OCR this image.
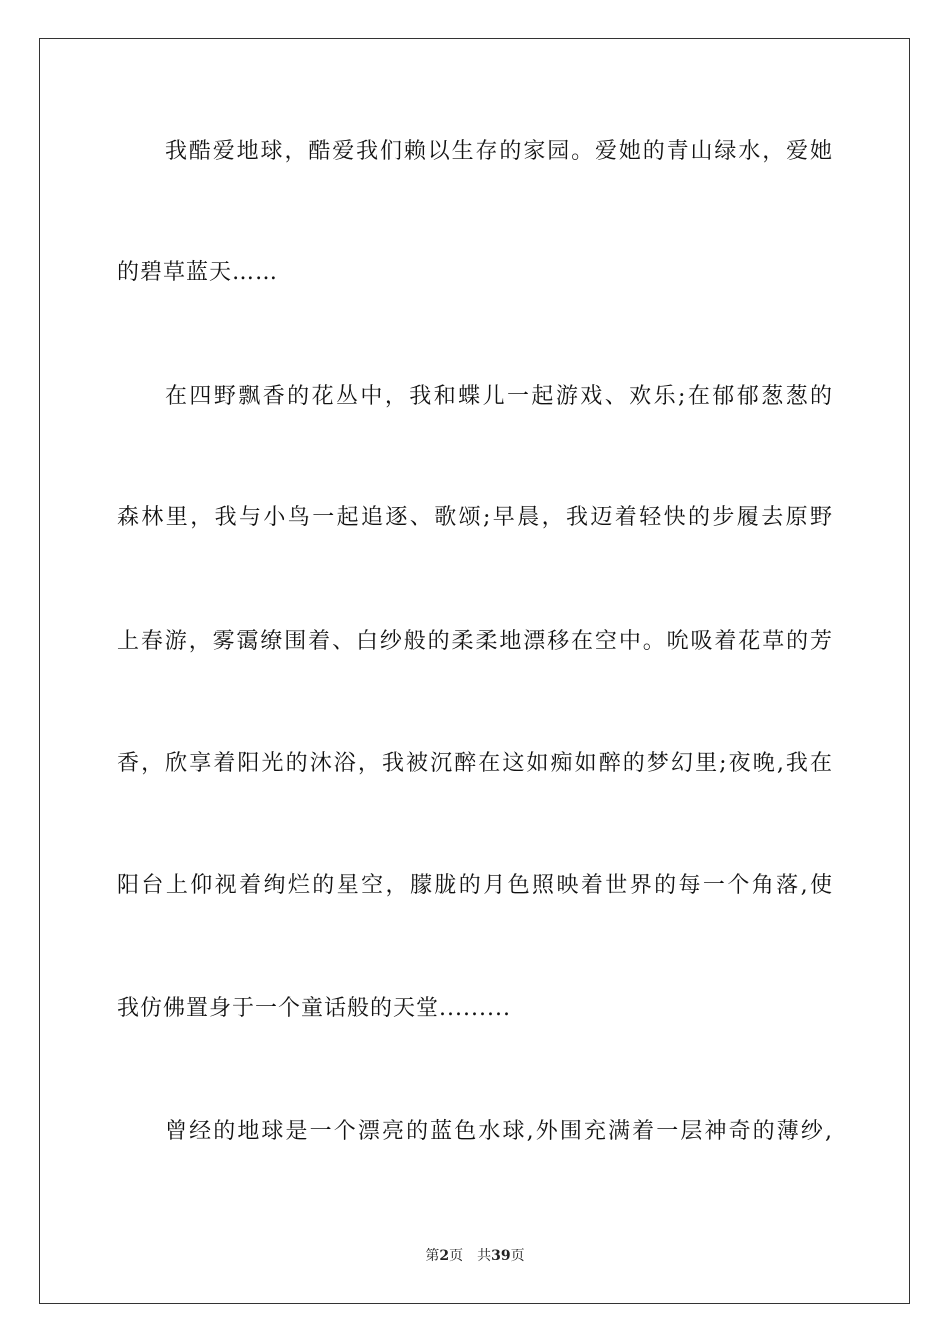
我酷爱地球，酷爱我们赖以生存的家园。爱她的青山绿水，爱她
的碧草蓝天……
在四野飘香的花丛中，我和蝶儿一起游戏、欢乐;在郁郁葱葱的
森林里，我与小鸟一起追逐、歌颂;早晨，我迈着轻快的步履去原野
上春游，雾霭缭围着、白纱般的柔柔地漂移在空中。吮吸着花草的芳
香，欣享着阳光的沐浴，我被沉醉在这如痴如醉的梦幻里;夜晚,我在
阳台上仰视着绚烂的星空，朦胧的月色照映着世界的每一个角落,使
我仿佛置身于一个童话般的天堂.........
曾经的地球是一个漂亮的蓝色水球,外围充满着一层神奇的薄纱,
第2页 共39页
